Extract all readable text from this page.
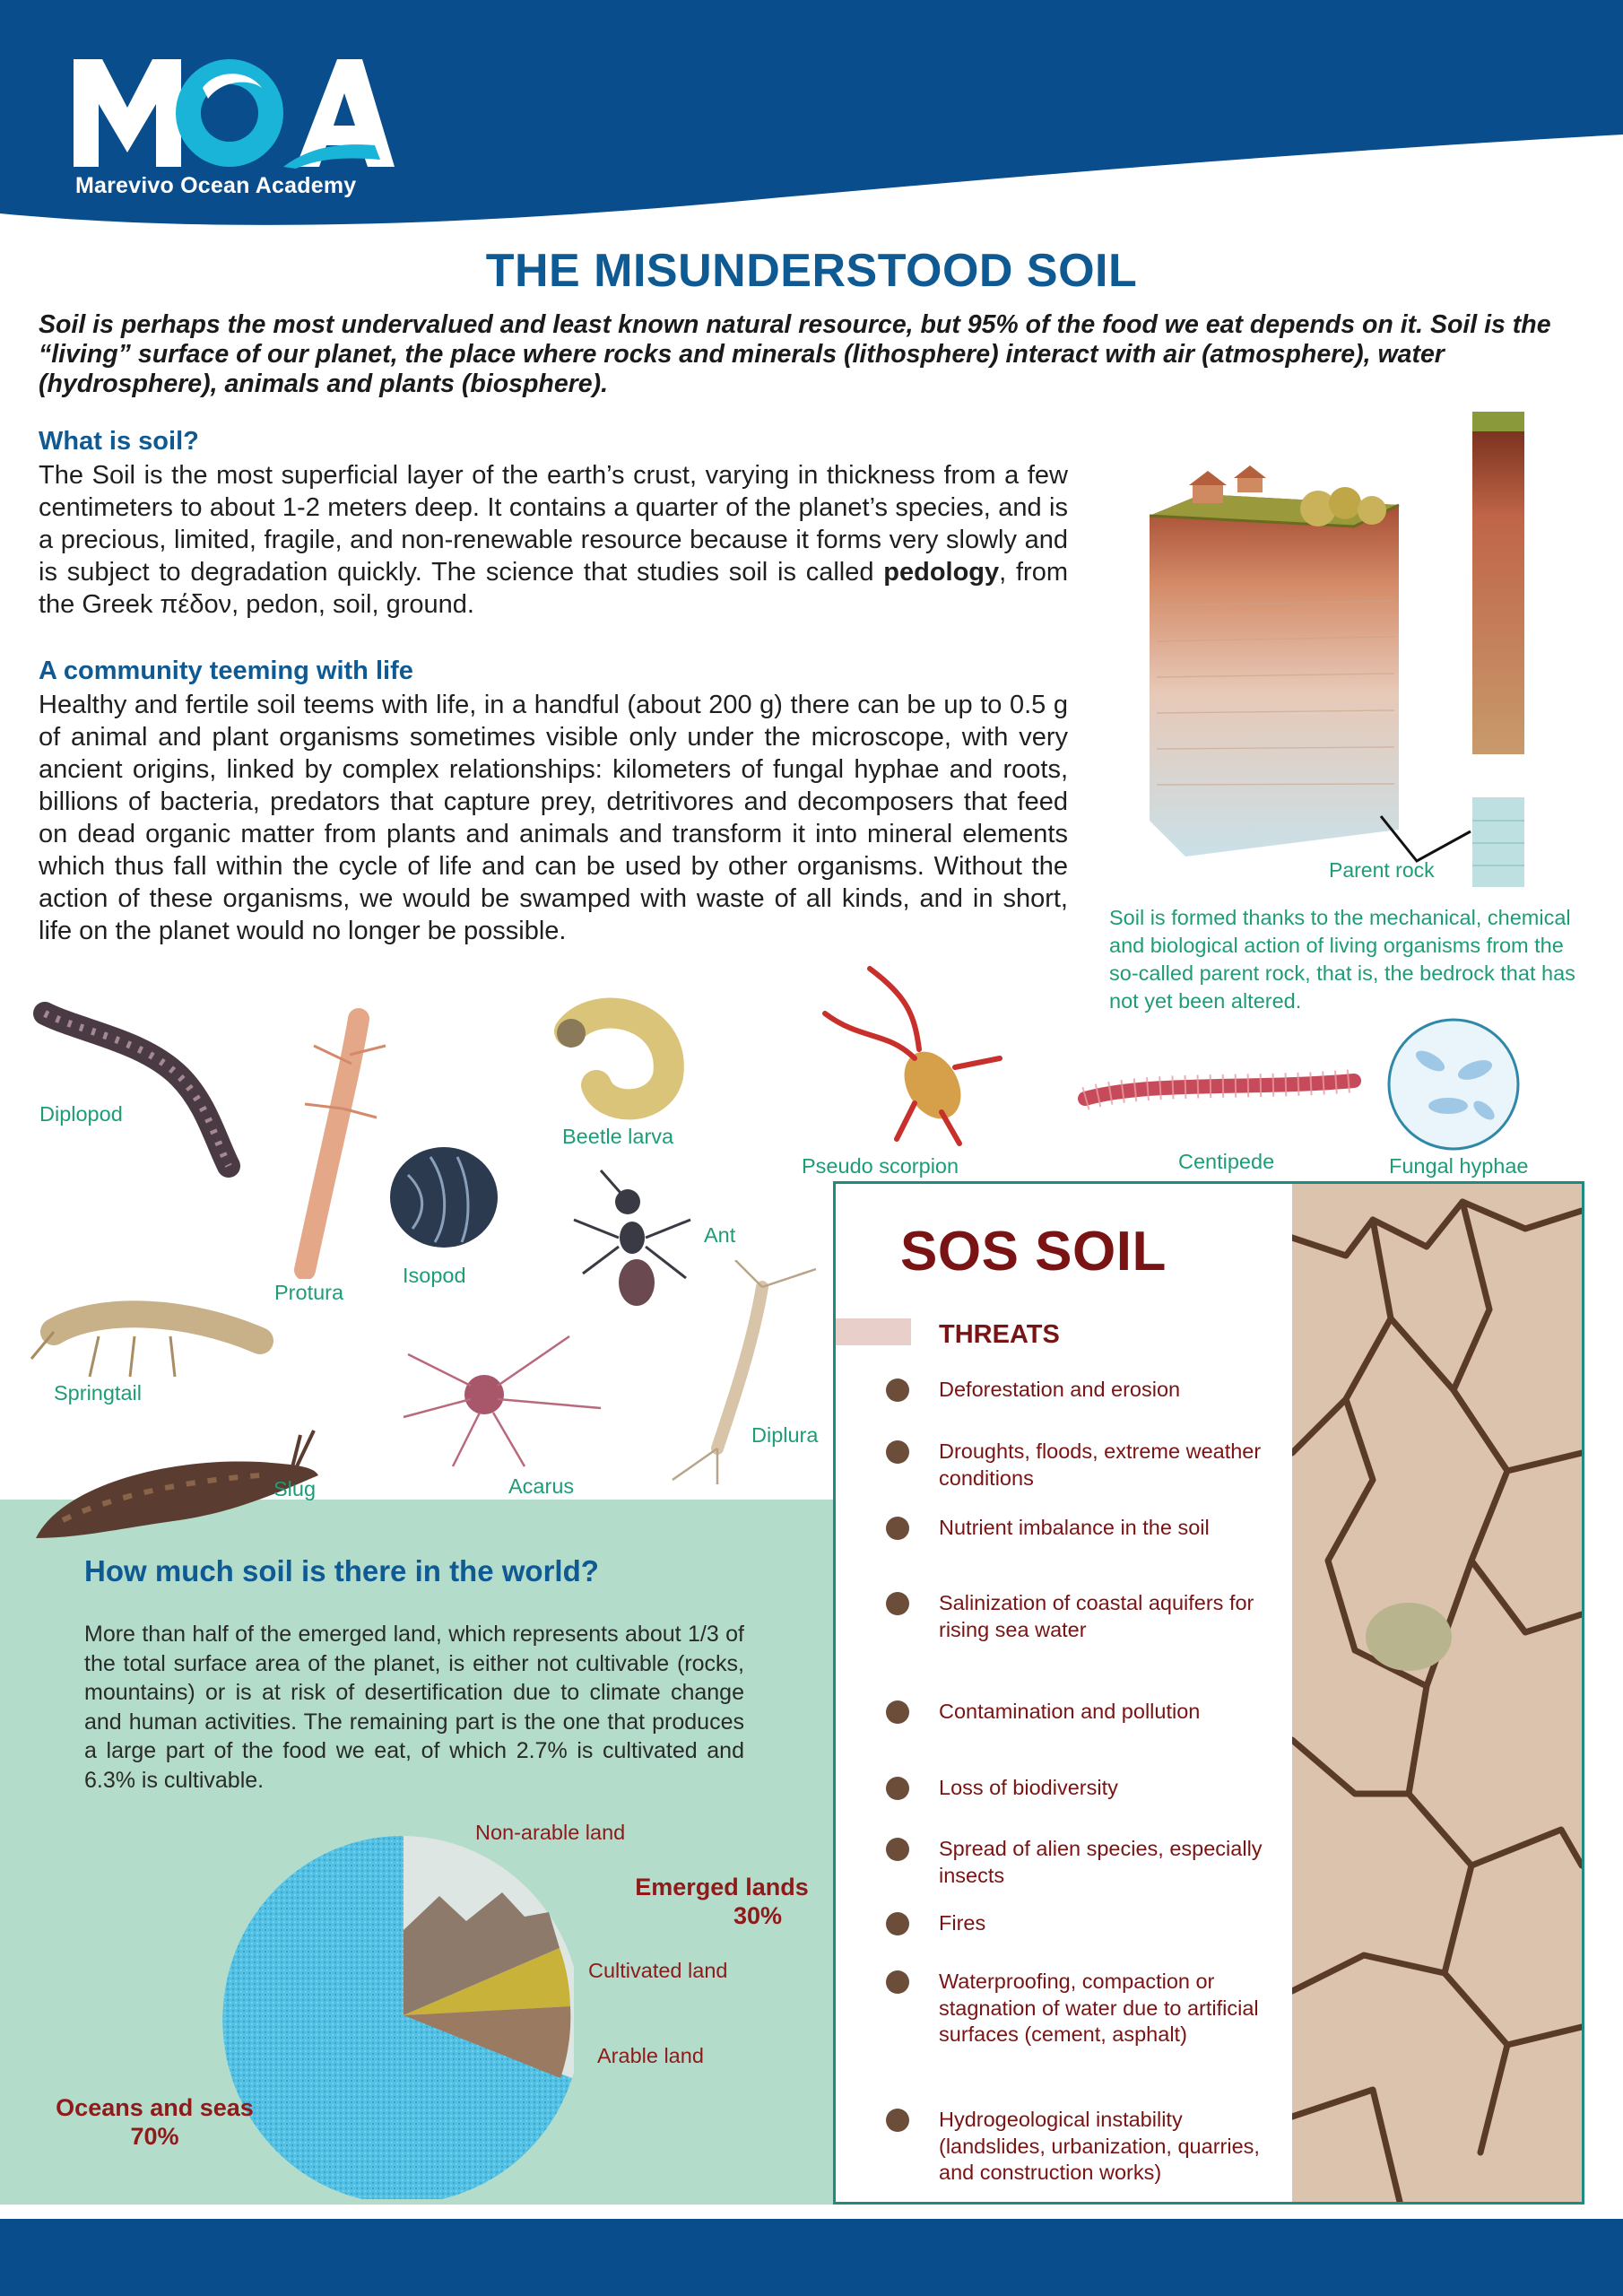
Marevivo Ocean Academy
THE MISUNDERSTOOD SOIL
Soil is perhaps the most undervalued and least known natural resource, but 95% of the food we eat depends on it. Soil is the “living” surface of our planet, the place where rocks and minerals (lithosphere) interact with air (atmosphere), water (hydrosphere), animals and plants (biosphere).
What is soil?
The Soil is the most superficial layer of the earth’s crust, varying in thickness from a few centimeters to about 1-2 meters deep. It contains a quarter of the planet’s species, and is a precious, limited, fragile, and non-renewable resource because it forms very slowly and is subject to degradation quickly. The science that studies soil is called pedology, from the Greek πέδον, pedon, soil, ground.
A community teeming with life
Healthy and fertile soil teems with life, in a handful (about 200 g) there can be up to 0.5 g of animal and plant organisms sometimes visible only under the microscope, with very ancient origins, linked by complex relationships: kilometers of fungal hyphae and roots, billions of bacteria, predators that capture prey, detritivores and decomposers that feed on dead organic matter from plants and animals and transform it into mineral elements which thus fall within the cycle of life and can be used by other organisms. Without the action of these organisms, we would be swamped with waste of all kinds, and in short, life on the planet would no longer be possible.
Parent rock
Soil is formed thanks to the mechanical, chemical and biological action of living organisms from the so-called parent rock, that is, the bedrock that has not yet been altered.
Diplopod
Protura
Beetle larva
Isopod
Pseudo scorpion	Centipede	Fungal hyphae
Ant
Springtail
Diplura
Acarus
Slug
How much soil is there in the world?
More than half of the emerged land, which represents about 1/3 of the total surface area of the planet, is either not cultivable (rocks, mountains) or is at risk of desertification due to climate change and human activities. The remaining part is the one that produces a large part of the food we eat, of which 2.7% is cultivated and 6.3% is cultivable.
Non-arable land
Emerged lands
30%
Cultivated land
Arable land
Oceans and seas
70%
SOS SOIL
THREATS
Deforestation and erosion
Droughts, floods, extreme weather conditions
Nutrient imbalance in the soil
Salinization of coastal aquifers for rising sea water
Contamination and pollution
Loss of biodiversity
Spread of alien species, especially insects
Fires
Waterproofing, compaction or stagnation of water due to artificial surfaces (cement, asphalt)
Hydrogeological instability (landslides, urbanization, quarries, and construction works)
